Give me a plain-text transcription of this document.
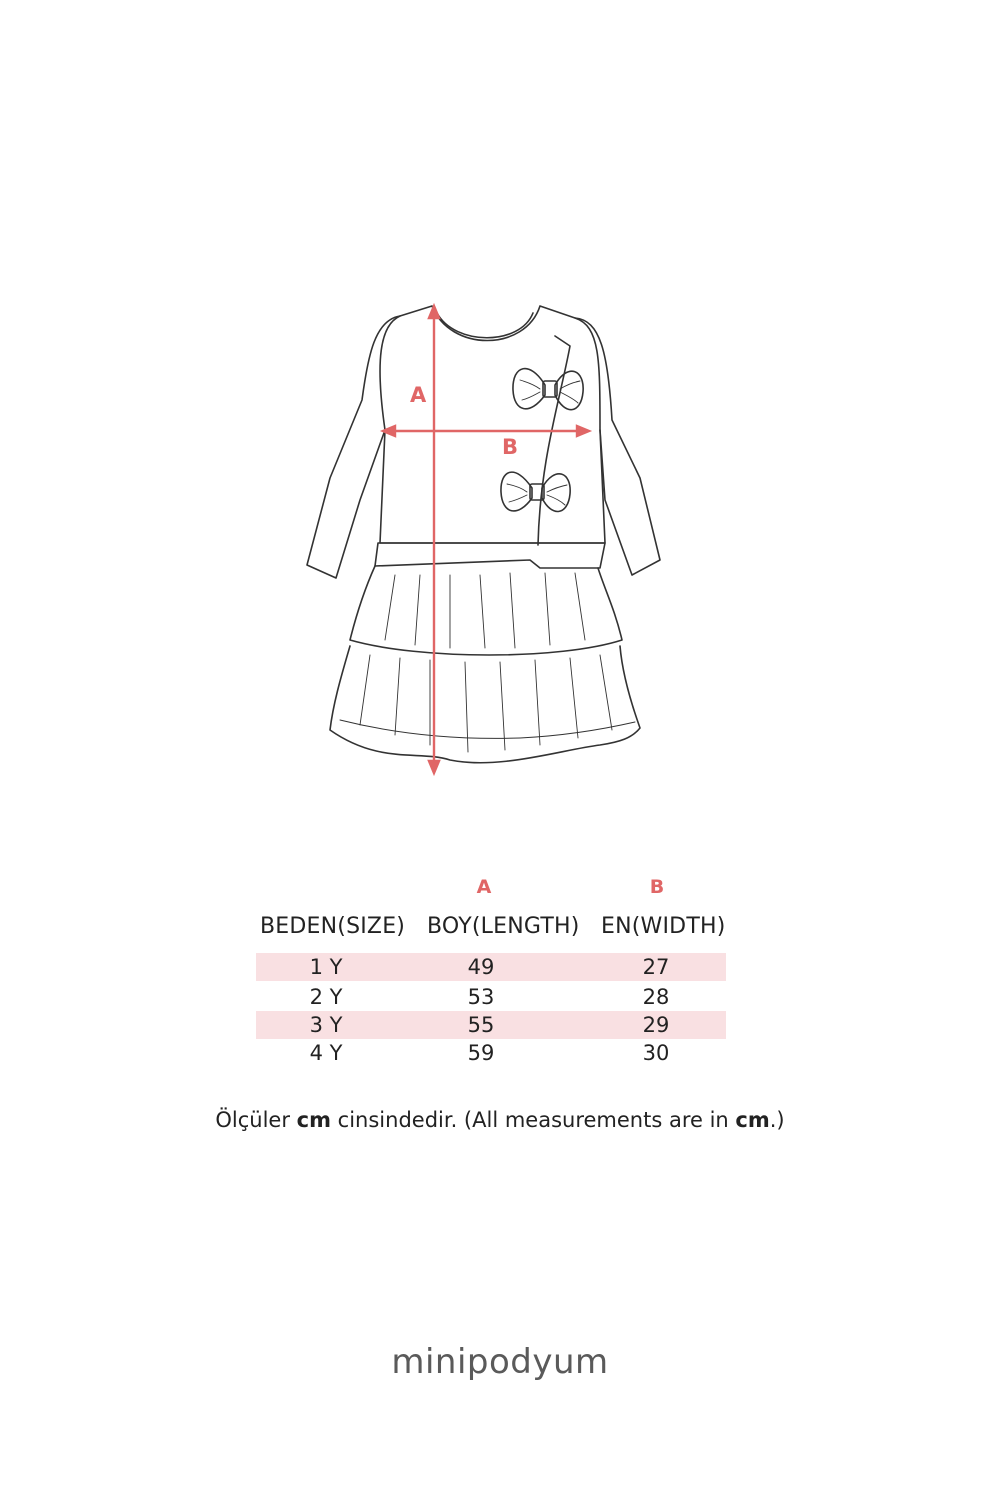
A
B
A	B
BEDEN(SIZE) BOY(LENGTH) EN(WIDTH)
1 Y	49	27
2 Y	53	28
3 Y	55	29
4 Y	59	30
Ölçüler cm cinsindedir. (All measurements are in cm.)
minipodyum
